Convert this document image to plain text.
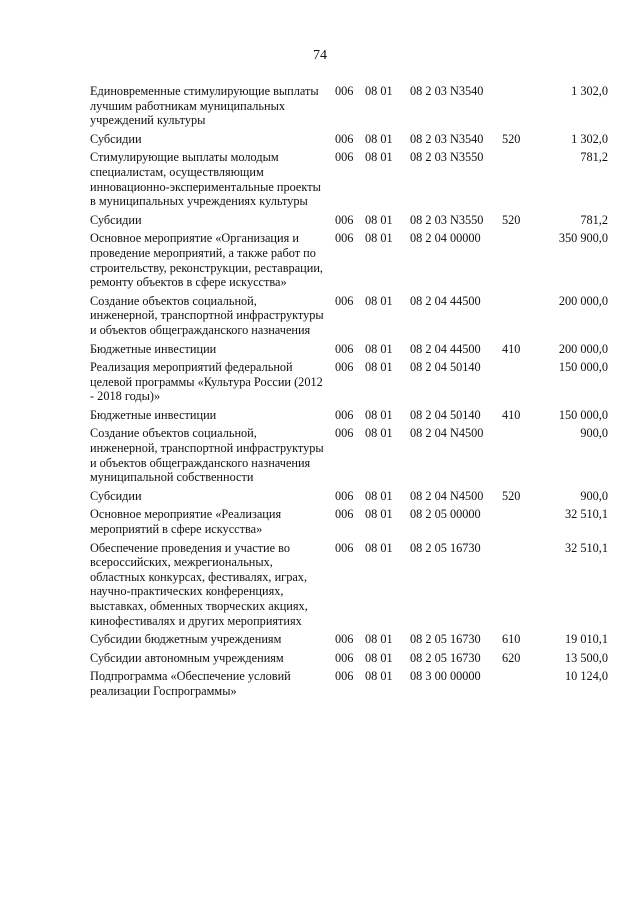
74
Единовременные стимулирующие выплаты лучшим работникам муниципальных учреждений культуры	006	08 01	08 2 03 N3540		1 302,0
Субсидии	006	08 01	08 2 03 N3540	520	1 302,0
Стимулирующие выплаты молодым специалистам, осуществляющим инновационно-экспериментальные проекты в муниципальных учреждениях культуры	006	08 01	08 2 03 N3550		781,2
Субсидии	006	08 01	08 2 03 N3550	520	781,2
Основное мероприятие «Организация и проведение мероприятий, а также работ по строительству, реконструкции, реставрации, ремонту объектов в сфере искусства»	006	08 01	08 2 04 00000		350 900,0
Создание объектов социальной, инженерной, транспортной инфраструктуры и объектов общегражданского назначения	006	08 01	08 2 04 44500		200 000,0
Бюджетные инвестиции	006	08 01	08 2 04 44500	410	200 000,0
Реализация мероприятий федеральной целевой программы «Культура России (2012 - 2018 годы)»	006	08 01	08 2 04 50140		150 000,0
Бюджетные инвестиции	006	08 01	08 2 04 50140	410	150 000,0
Создание объектов социальной, инженерной, транспортной инфраструктуры и объектов общегражданского назначения муниципальной собственности	006	08 01	08 2 04 N4500		900,0
Субсидии	006	08 01	08 2 04 N4500	520	900,0
Основное мероприятие «Реализация мероприятий в сфере искусства»	006	08 01	08 2 05 00000		32 510,1
Обеспечение проведения и участие во всероссийских, межрегиональных, областных конкурсах, фестивалях, играх, научно-практических конференциях, выставках, обменных творческих акциях, кинофестивалях и других мероприятиях	006	08 01	08 2 05 16730		32 510,1
Субсидии бюджетным учреждениям	006	08 01	08 2 05 16730	610	19 010,1
Субсидии автономным учреждениям	006	08 01	08 2 05 16730	620	13 500,0
Подпрограмма «Обеспечение условий реализации Госпрограммы»	006	08 01	08 3 00 00000		10 124,0
